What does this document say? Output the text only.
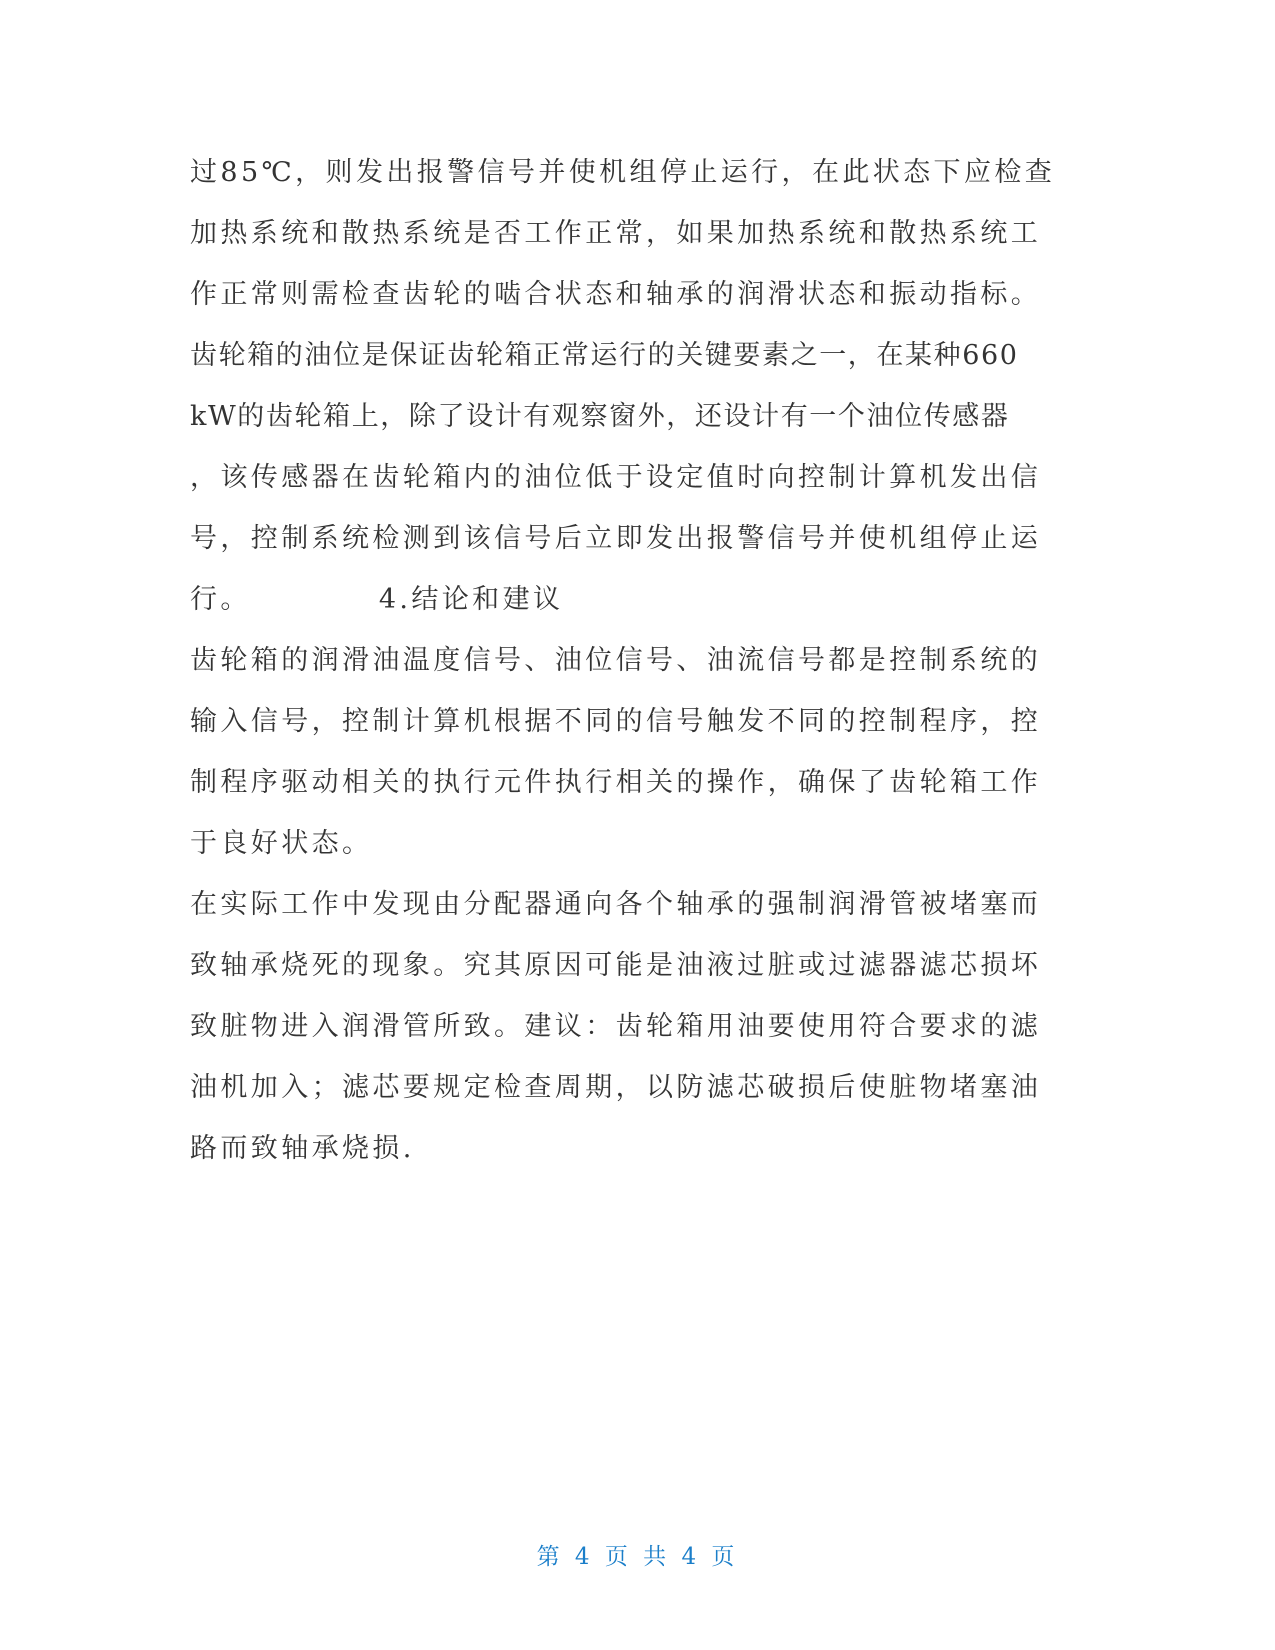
过85℃，则发出报警信号并使机组停止运行，在此状态下应检查
加热系统和散热系统是否工作正常，如果加热系统和散热系统工
作正常则需检查齿轮的啮合状态和轴承的润滑状态和振动指标。
齿轮箱的油位是保证齿轮箱正常运行的关键要素之一，在某种660
kW的齿轮箱上，除了设计有观察窗外，还设计有一个油位传感器
，该传感器在齿轮箱内的油位低于设定值时向控制计算机发出信
号，控制系统检测到该信号后立即发出报警信号并使机组停止运
行。	4.结论和建议
齿轮箱的润滑油温度信号、油位信号、油流信号都是控制系统的
输入信号，控制计算机根据不同的信号触发不同的控制程序，控
制程序驱动相关的执行元件执行相关的操作，确保了齿轮箱工作
于良好状态。
在实际工作中发现由分配器通向各个轴承的强制润滑管被堵塞而
致轴承烧死的现象。究其原因可能是油液过脏或过滤器滤芯损坏
致脏物进入润滑管所致。建议：齿轮箱用油要使用符合要求的滤
油机加入；滤芯要规定检查周期，以防滤芯破损后使脏物堵塞油
路而致轴承烧损.
第 4 页 共 4 页
